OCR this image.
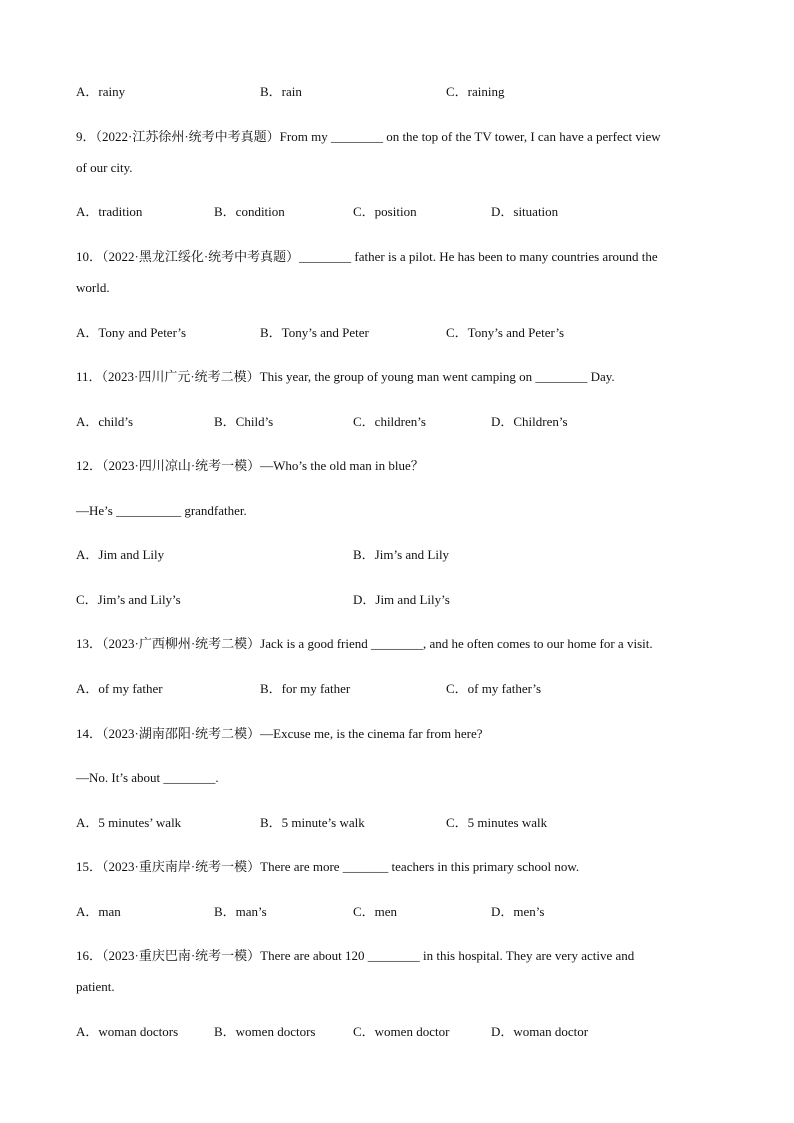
A．rainy	B．rain	C．raining
9．（2022·江苏徐州·统考中考真题）From my ________ on the top of the TV tower, I can have a perfect view
of our city.
A．tradition	B．condition	C．position	D．situation
10．（2022·黑龙江绥化·统考中考真题）________ father is a pilot. He has been to many countries around the
world.
A．Tony and Peter’s	B．Tony’s and Peter	C．Tony’s and Peter’s
11．（2023·四川广元·统考二模）This year, the group of young man went camping on ________ Day.
A．child’s	B．Child’s	C．children’s	D．Children’s
12．（2023·四川凉山·统考一模）—Who’s the old man in blue？
—He’s __________ grandfather.
A．Jim and Lily	B．Jim’s and Lily
C．Jim’s and Lily’s	D．Jim and Lily’s
13．（2023·广西柳州·统考二模）Jack is a good friend ________, and he often comes to our home for a visit.
A．of my father	B．for my father	C．of my father’s
14．（2023·湖南邵阳·统考二模）—Excuse me, is the cinema far from here?
—No. It’s about ________.
A．5 minutes’ walk	B．5 minute’s walk	C．5 minutes walk
15．（2023·重庆南岸·统考一模）There are more _______ teachers in this primary school now.
A．man	B．man’s	C．men	D．men’s
16．（2023·重庆巴南·统考一模）There are about 120 ________ in this hospital. They are very active and
patient.
A．woman doctors	B．women doctors	C．women doctor	D．woman doctor
